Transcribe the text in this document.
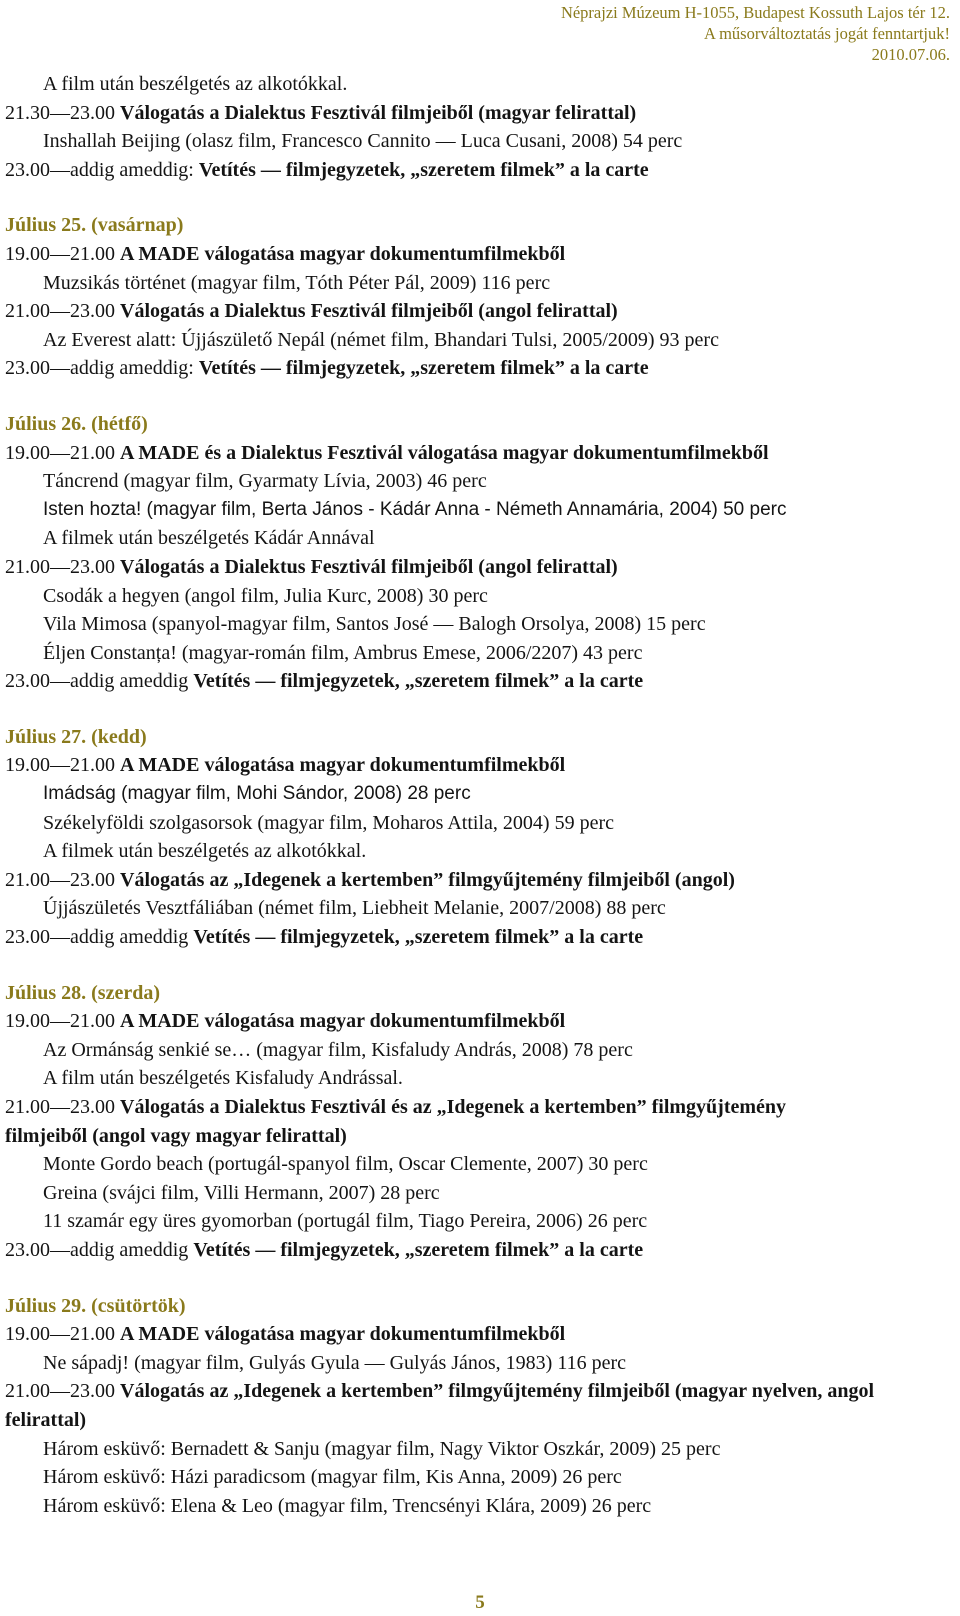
Néprajzi Múzeum H-1055, Budapest Kossuth Lajos tér 12.
A műsorváltoztatás jogát fenntartjuk!
2010.07.06.
A film után beszélgetés az alkotókkal.
21.30—23.00 Válogatás a Dialektus Fesztivál filmjeiből (magyar felirattal)
Inshallah Beijing (olasz film, Francesco Cannito — Luca Cusani, 2008) 54 perc
23.00—addig ameddig: Vetítés — filmjegyzetek, „szeretem filmek” a la carte
Július 25. (vasárnap)
19.00—21.00 A MADE válogatása magyar dokumentumfilmekből
Muzsikás történet (magyar film, Tóth Péter Pál, 2009) 116 perc
21.00—23.00 Válogatás a Dialektus Fesztivál filmjeiből (angol felirattal)
Az Everest alatt: Újjászülető Nepál (német film, Bhandari Tulsi, 2005/2009) 93 perc
23.00—addig ameddig: Vetítés — filmjegyzetek, „szeretem filmek” a la carte
Július 26. (hétfő)
19.00—21.00 A MADE és a Dialektus Fesztivál válogatása magyar dokumentumfilmekből
Táncrend (magyar film, Gyarmaty Lívia, 2003) 46 perc
Isten hozta! (magyar film, Berta János - Kádár Anna - Németh Annamária, 2004) 50 perc
A filmek után beszélgetés Kádár Annával
21.00—23.00 Válogatás a Dialektus Fesztivál filmjeiből (angol felirattal)
Csodák a hegyen (angol film, Julia Kurc, 2008) 30 perc
Vila Mimosa (spanyol-magyar film, Santos José — Balogh Orsolya, 2008) 15 perc
Éljen Constanța! (magyar-román film, Ambrus Emese, 2006/2207) 43 perc
23.00—addig ameddig Vetítés — filmjegyzetek, „szeretem filmek” a la carte
Július 27. (kedd)
19.00—21.00 A MADE válogatása magyar dokumentumfilmekből
Imádság (magyar film, Mohi Sándor, 2008) 28 perc
Székelyföldi szolgasorsok (magyar film, Moharos Attila, 2004) 59 perc
A filmek után beszélgetés az alkotókkal.
21.00—23.00 Válogatás az „Idegenek a kertemben” filmgyűjtemény filmjeiből (angol)
Újjászületés Vesztfáliában (német film, Liebheit Melanie, 2007/2008) 88 perc
23.00—addig ameddig Vetítés — filmjegyzetek, „szeretem filmek” a la carte
Július 28. (szerda)
19.00—21.00 A MADE válogatása magyar dokumentumfilmekből
Az Ormánság senkié se… (magyar film, Kisfaludy András, 2008) 78 perc
A film után beszélgetés Kisfaludy Andrással.
21.00—23.00 Válogatás a Dialektus Fesztivál és az „Idegenek a kertemben” filmgyűjtemény filmjeiből (angol vagy magyar felirattal)
Monte Gordo beach (portugál-spanyol film, Oscar Clemente, 2007) 30 perc
Greina (svájci film, Villi Hermann, 2007) 28 perc
11 szamár egy üres gyomorban (portugál film, Tiago Pereira, 2006) 26 perc
23.00—addig ameddig Vetítés — filmjegyzetek, „szeretem filmek” a la carte
Július 29. (csütörtök)
19.00—21.00 A MADE válogatása magyar dokumentumfilmekből
Ne sápadj! (magyar film, Gulyás Gyula — Gulyás János, 1983) 116 perc
21.00—23.00 Válogatás az „Idegenek a kertemben” filmgyűjtemény filmjeiből (magyar nyelven, angol felirattal)
Három esküvő: Bernadett & Sanju (magyar film, Nagy Viktor Oszkár, 2009) 25 perc
Három esküvő: Házi paradicsom (magyar film, Kis Anna, 2009) 26 perc
Három esküvő: Elena & Leo (magyar film, Trencsényi Klára, 2009) 26 perc
5
